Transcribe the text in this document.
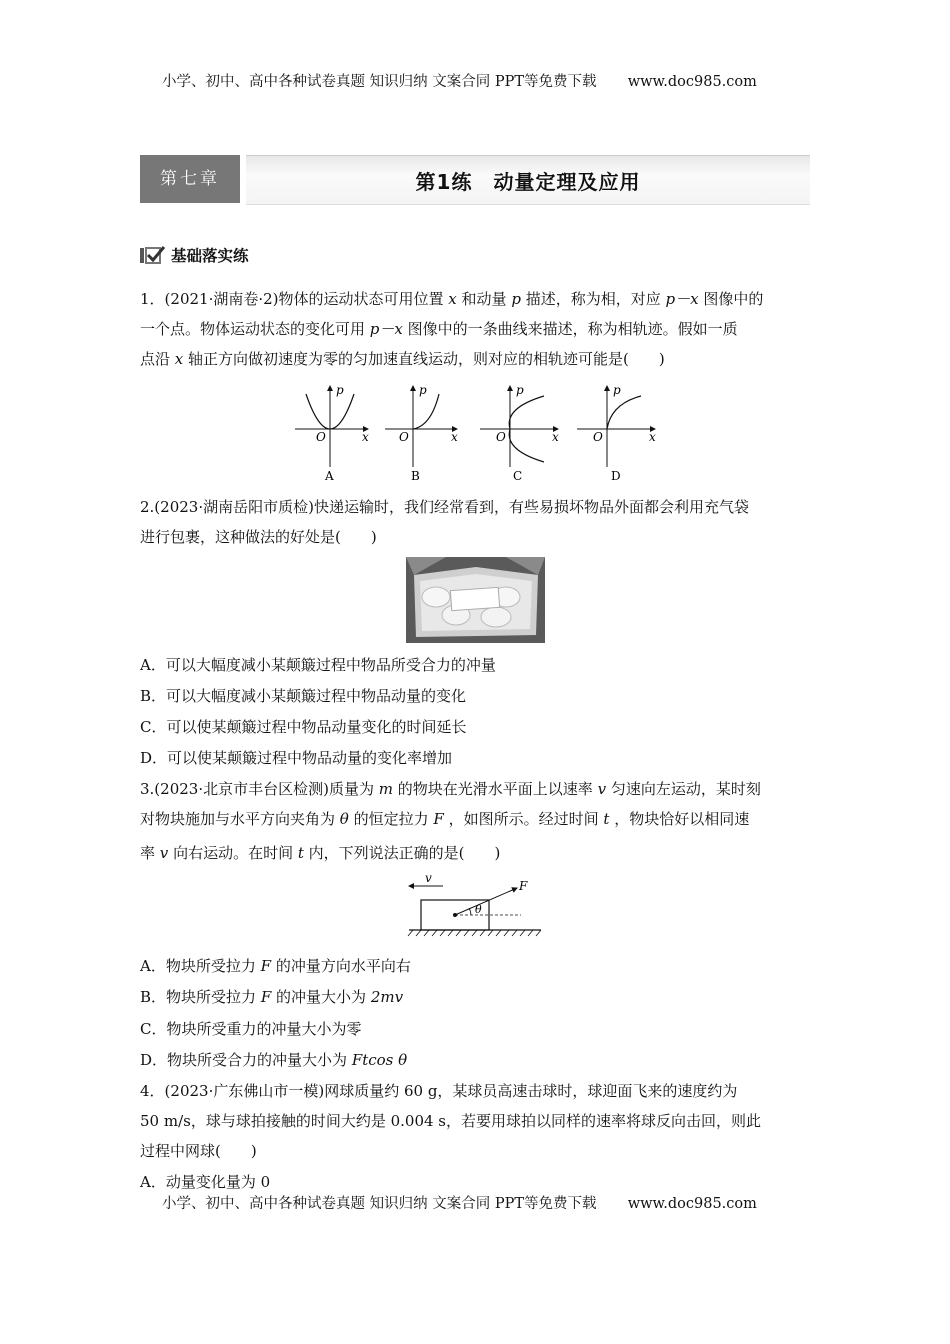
小学、初中、高中各种试卷真题 知识归纳 文案合同 PPT等免费下载 www.doc985.com
第七章	第1练　动量定理及应用
基础落实练
1．(2021·湖南卷·2)物体的运动状态可用位置 x 和动量 p 描述，称为相，对应 p－x 图像中的
一个点。物体运动状态的变化可用 p－x 图像中的一条曲线来描述，称为相轨迹。假如一质
点沿 x 轴正方向做初速度为零的匀加速直线运动，则对应的相轨迹可能是(　　)
p
x
O
A
p
x
O
B
p
x
O
C
p
x
O
D
2.(2023·湖南岳阳市质检)快递运输时，我们经常看到，有些易损坏物品外面都会利用充气袋
进行包裹，这种做法的好处是(　　)
A．可以大幅度减小某颠簸过程中物品所受合力的冲量
B．可以大幅度减小某颠簸过程中物品动量的变化
C．可以使某颠簸过程中物品动量变化的时间延长
D．可以使某颠簸过程中物品动量的变化率增加
3.(2023·北京市丰台区检测)质量为 m 的物块在光滑水平面上以速率 v 匀速向左运动，某时刻
对物块施加与水平方向夹角为 θ 的恒定拉力 F ，如图所示。经过时间 t ，物块恰好以相同速
率 v 向右运动。在时间 t 内，下列说法正确的是(　　)
v
F
θ
A．物块所受拉力 F 的冲量方向水平向右
B．物块所受拉力 F 的冲量大小为 2mv
C．物块所受重力的冲量大小为零
D．物块所受合力的冲量大小为 Ftcos θ
4．(2023·广东佛山市一模)网球质量约 60 g，某球员高速击球时，球迎面飞来的速度约为
50 m/s，球与球拍接触的时间大约是 0.004 s，若要用球拍以同样的速率将球反向击回，则此
过程中网球(　　)
A．动量变化量为 0
小学、初中、高中各种试卷真题 知识归纳 文案合同 PPT等免费下载 www.doc985.com
